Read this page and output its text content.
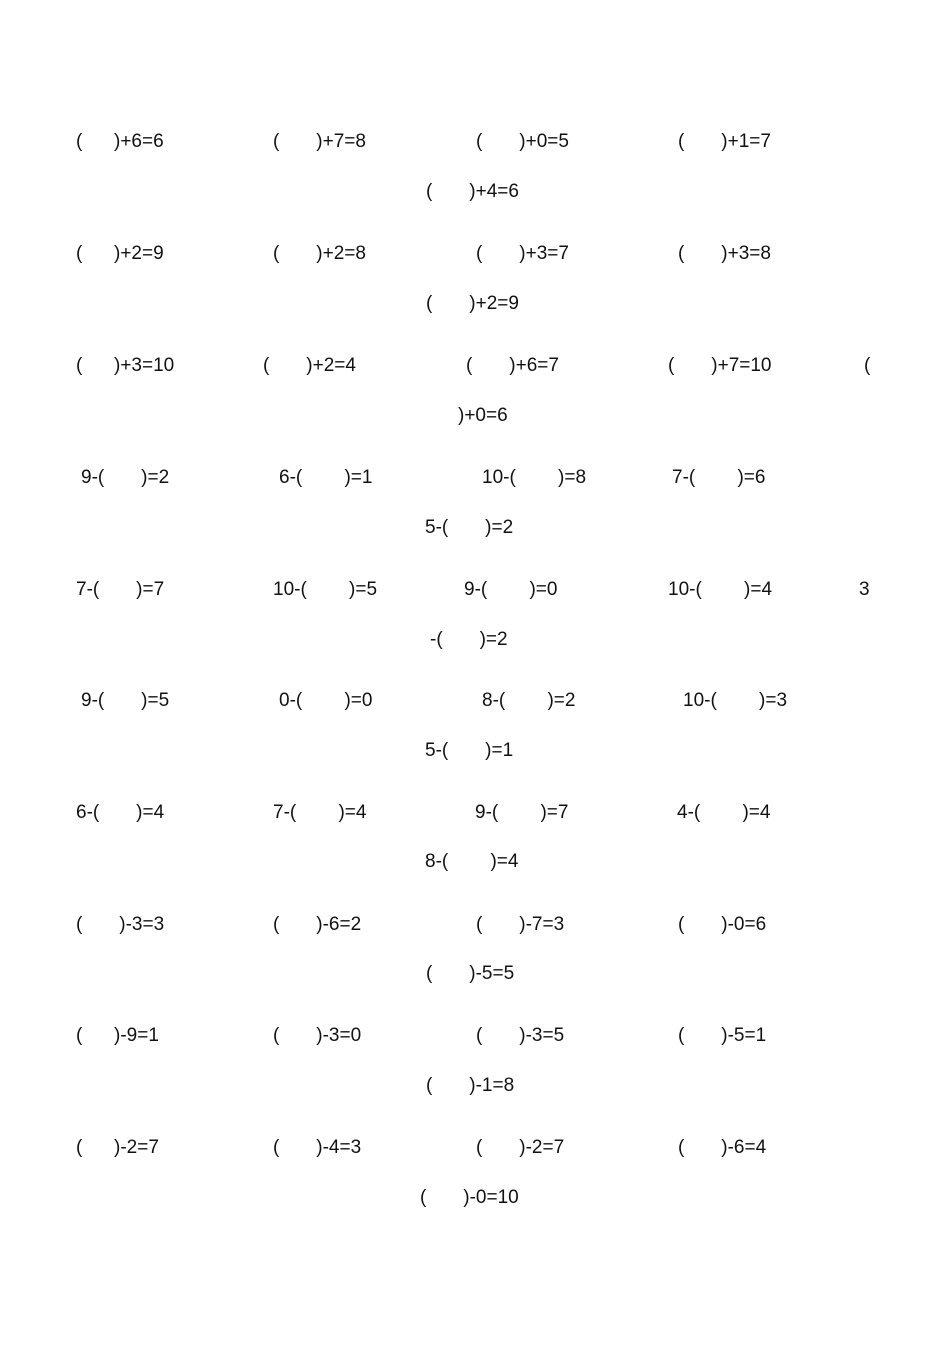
(      )+6=6	(       )+7=8	(       )+0=5	(       )+1=7
(       )+4=6
(      )+2=9	(       )+2=8	(       )+3=7	(       )+3=8
(       )+2=9
(      )+3=10	(       )+2=4	(       )+6=7	(       )+7=10	(
)+0=6
9-(       )=2	6-(        )=1	10-(        )=8	7-(        )=6
5-(       )=2
7-(       )=7	10-(        )=5	9-(        )=0	10-(        )=4	3
-(       )=2
9-(       )=5	0-(        )=0	8-(        )=2	10-(        )=3
5-(       )=1
6-(       )=4	7-(        )=4	9-(        )=7	4-(        )=4
8-(        )=4
(       )-3=3	(       )-6=2	(       )-7=3	(       )-0=6
(       )-5=5
(      )-9=1	(       )-3=0	(       )-3=5	(       )-5=1
(       )-1=8
(      )-2=7	(       )-4=3	(       )-2=7	(       )-6=4
(       )-0=10
